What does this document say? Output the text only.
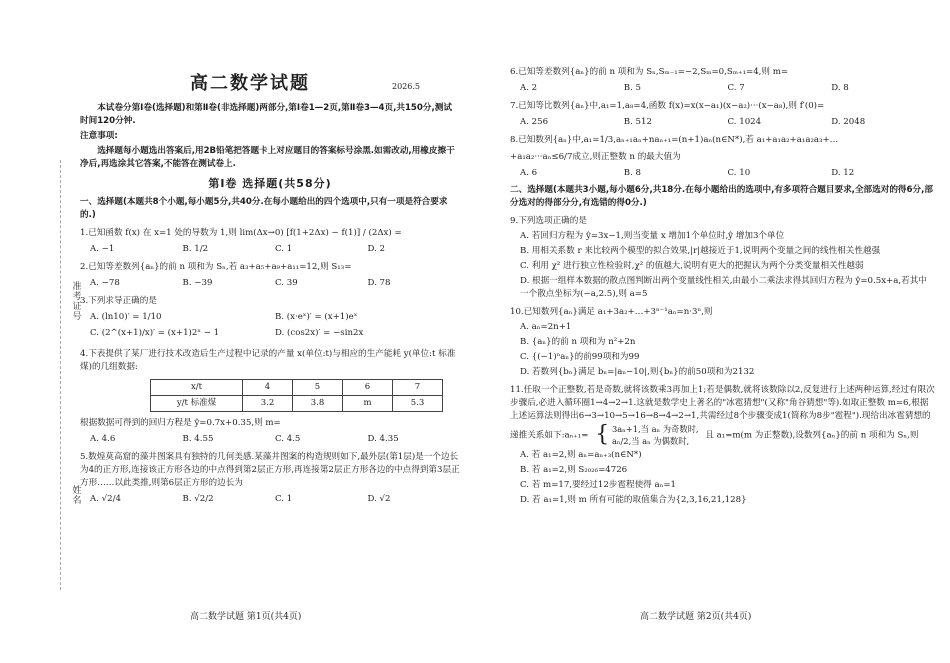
准考证号
姓名
高二数学试题	2026.5
本试卷分第Ⅰ卷(选择题)和第Ⅱ卷(非选择题)两部分,第Ⅰ卷1—2页,第Ⅱ卷3—4页,共150分,测试时间120分钟.
注意事项:
选择题每小题选出答案后,用2B铅笔把答题卡上对应题目的答案标号涂黑.如需改动,用橡皮擦干净后,再选涂其它答案,不能答在测试卷上.
第Ⅰ卷 选择题(共58分)
一、选择题(本题共8个小题,每小题5分,共40分.在每小题给出的四个选项中,只有一项是符合要求的.)
1.已知函数 f(x) 在 x=1 处的导数为 1,则 lim(Δx→0) [f(1+2Δx) − f(1)] / (2Δx) =
A. −1	B. 1/2	C. 1	D. 2
2.已知等差数列{aₙ}的前 n 项和为 Sₙ,若 a₃+a₅+a₉+a₁₁=12,则 S₁₃=
A. −78	B. −39	C. 39	D. 78
3.下列求导正确的是
A. (ln10)′ = 1/10	B. (x·eˣ)′ = (x+1)eˣ
C. (2^(x+1)/x)′ = (x+1)2ˣ − 1	D. (cos2x)′ = −sin2x
4.下表提供了某厂进行技术改造后生产过程中记录的产量 x(单位:t)与相应的生产能耗 y(单位:t 标准煤)的几组数据:
x/t	4	5	6	7
y/t 标准煤	3.2	3.8	m	5.3
根据数据可得到的回归方程是 ŷ=0.7x+0.35,则 m=
A. 4.6	B. 4.55	C. 4.5	D. 4.35
5.数煌莫高窟的藻井图案具有独特的几何美感.某藻井图案的构造规则如下,最外层(第1层)是一个边长为4的正方形,连接该正方形各边的中点得到第2层正方形,再连接第2层正方形各边的中点得到第3层正方形……以此类推,则第6层正方形的边长为
A. √2/4	B. √2/2	C. 1	D. √2
高二数学试题 第1页(共4页)
6.已知等差数列{aₙ}的前 n 项和为 Sₙ,Sₘ₋₁=−2,Sₘ=0,Sₘ₊₁=4,则 m=
A. 2	B. 5	C. 7	D. 8
7.已知等比数列{aₙ}中,a₁=1,a₈=4,函数 f(x)=x(x−a₁)(x−a₂)···(x−a₈),则 f′(0)=
A. 256	B. 512	C. 1024	D. 2048
8.已知数列{aₙ}中,a₁=1/3,aₙ₊₁aₙ+naₙ₊₁=(n+1)aₙ(n∈N*),若 a₁+a₁a₂+a₁a₂a₃+…
+a₁a₂···aₙ≤6/7成立,则正整数 n 的最大值为
A. 6	B. 8	C. 10	D. 12
二、选择题(本题共3小题,每小题6分,共18分.在每小题给出的选项中,有多项符合题目要求,全部选对的得6分,部分选对的得部分分,有选错的得0分.)
9.下列选项正确的是
A. 若回归方程为 ŷ=3x−1,则当变量 x 增加1个单位时,ŷ 增加3个单位
B. 用相关系数 r 来比较两个模型的拟合效果,|r|越接近于1,说明两个变量之间的线性相关性越强
C. 利用 χ² 进行独立性检验时,χ² 的值越大,说明有更大的把握认为两个分类变量相关性越弱
D. 根据一组样本数据的散点图判断出两个变量线性相关,由最小二乘法求得其回归方程为 ŷ=0.5x+a,若其中一个散点坐标为(−a,2.5),则 a=5
10.已知数列{aₙ}满足 a₁+3a₂+…+3ⁿ⁻¹aₙ=n·3ⁿ,则
A. aₙ=2n+1
B. {aₙ}的前 n 项和为 n²+2n
C. {(−1)ⁿaₙ}的前99项和为99
D. 若数列{bₙ}满足 bₙ=|aₙ−10|,则{bₙ}的前50项和为2132
11.任取一个正整数,若是奇数,就将该数乘3再加上1;若是偶数,就将该数除以2,反复进行上述两种运算,经过有限次步骤后,必进入循环圈1→4→2→1.这就是数学史上著名的"冰雹猜想"(又称"角谷猜想"等).如取正整数 m=6,根据上述运算法则得出6→3→10→5→16→8→4→2→1,共需经过8个步骤变成1(简称为8步"雹程").现给出冰雹猜想的递推关系如下:aₙ₊₁= { 3aₙ+1,当 aₙ 为奇数时,
aₙ/2,当 aₙ 为偶数时,
且 a₁=m(m 为正整数),设数列{aₙ}的前 n 项和为 Sₙ,则
A. 若 a₁=2,则 aₙ=aₙ₊₃(n∈N*)
B. 若 a₁=2,则 S₂₀₂₆=4726
C. 若 m=17,要经过12步雹程使得 aₙ=1
D. 若 a₁=1,则 m 所有可能的取值集合为{2,3,16,21,128}
高二数学试题 第2页(共4页)
